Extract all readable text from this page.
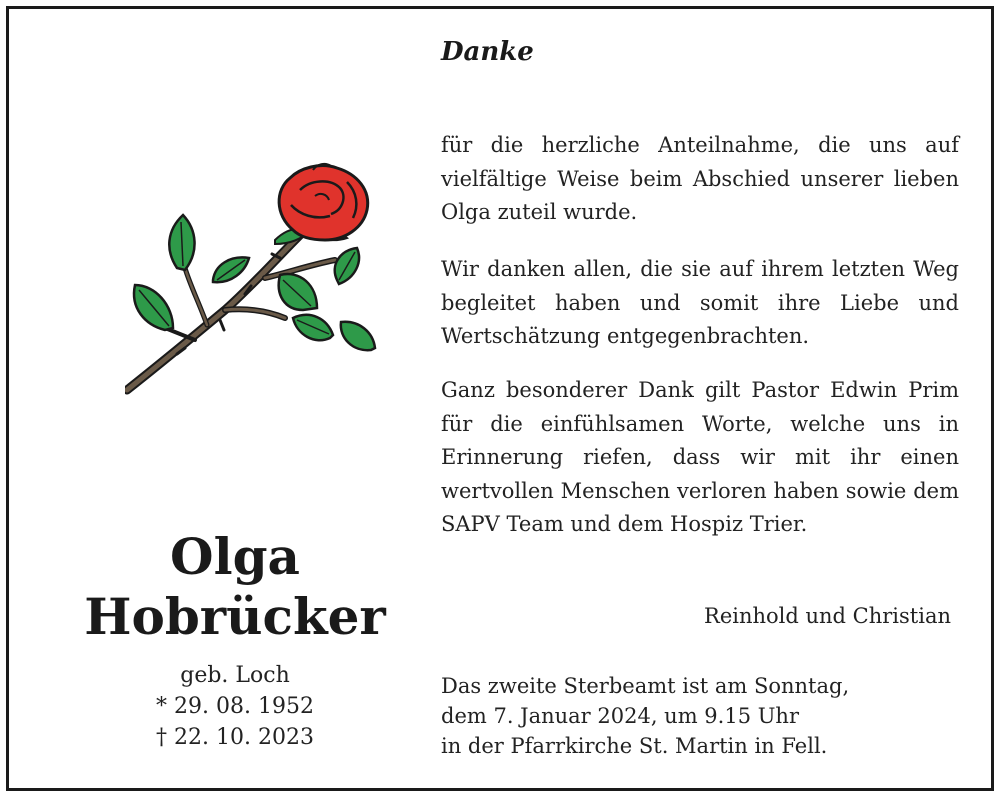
Olga
Hobrücker
geb. Loch
* 29. 08. 1952
† 22. 10. 2023
Danke
für die herzliche Anteilnahme, die uns auf vielfältige Weise beim Abschied unserer lieben Olga zuteil wurde.
Wir danken allen, die sie auf ihrem letzten Weg begleitet haben und somit ihre Liebe und Wertschätzung entgegenbrachten.
Ganz besonderer Dank gilt Pastor Edwin Prim für die einfühlsamen Worte, welche uns in Erinnerung riefen, dass wir mit ihr einen wertvollen Menschen verloren haben sowie dem SAPV Team und dem Hospiz Trier.
Reinhold und Christian
Das zweite Sterbeamt ist am Sonntag,
dem 7. Januar 2024, um 9.15 Uhr
in der Pfarrkirche St. Martin in Fell.
